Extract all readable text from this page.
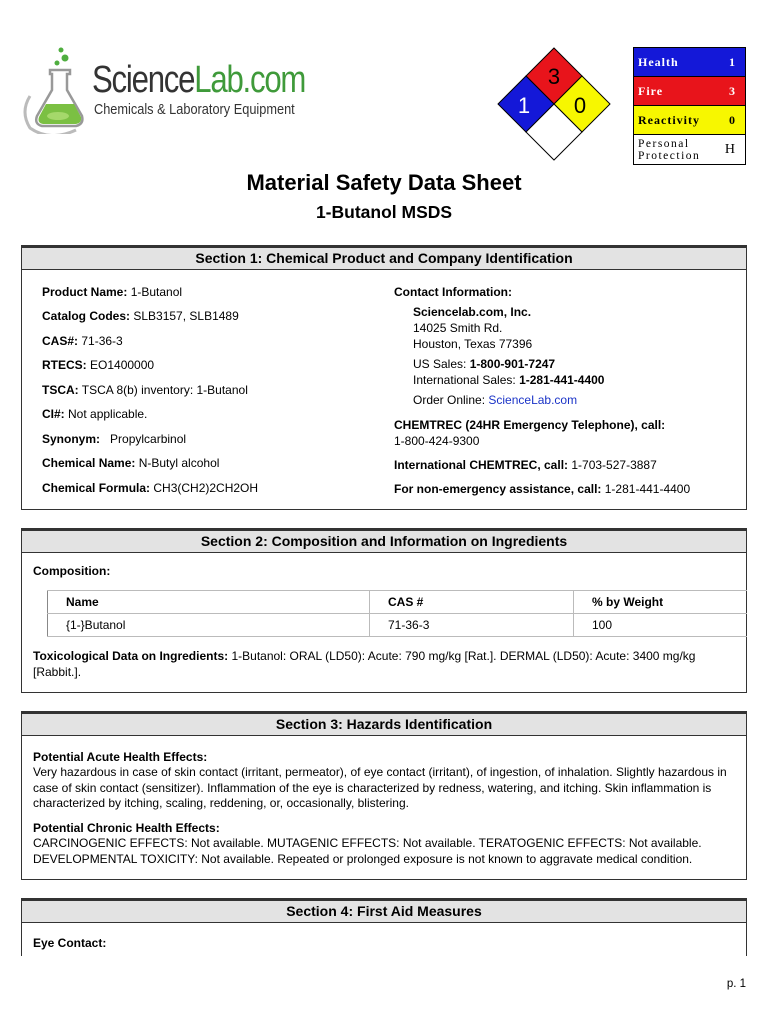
ScienceLab.com
Chemicals & Laboratory Equipment
3
1 0
Health	1
Fire	3
Reactivity 0
Personal
Protection H
Material Safety Data Sheet
1-Butanol MSDS
Section 1: Chemical Product and Company Identification
Product Name: 1-Butanol
Catalog Codes: SLB3157, SLB1489
CAS#: 71-36-3
RTECS: EO1400000
TSCA: TSCA 8(b) inventory: 1-Butanol
CI#: Not applicable.
Synonym:   Propylcarbinol
Chemical Name: N-Butyl alcohol
Chemical Formula: CH3(CH2)2CH2OH
Contact Information:
Sciencelab.com, Inc.
14025 Smith Rd.
Houston, Texas 77396
US Sales: 1-800-901-7247
International Sales: 1-281-441-4400
Order Online: ScienceLab.com
CHEMTREC (24HR Emergency Telephone), call:
1-800-424-9300
International CHEMTREC, call: 1-703-527-3887
For non-emergency assistance, call: 1-281-441-4400
Section 2: Composition and Information on Ingredients
Composition:
Name	CAS #	% by Weight
{1-}Butanol	71-36-3	100
Toxicological Data on Ingredients: 1-Butanol: ORAL (LD50): Acute: 790 mg/kg [Rat.]. DERMAL (LD50): Acute: 3400 mg/kg [Rabbit.].
Section 3: Hazards Identification
Potential Acute Health Effects:
Very hazardous in case of skin contact (irritant, permeator), of eye contact (irritant), of ingestion, of inhalation. Slightly hazardous in case of skin contact (sensitizer). Inflammation of the eye is characterized by redness, watering, and itching. Skin inflammation is characterized by itching, scaling, reddening, or, occasionally, blistering.
Potential Chronic Health Effects:
CARCINOGENIC EFFECTS: Not available. MUTAGENIC EFFECTS: Not available. TERATOGENIC EFFECTS: Not available. DEVELOPMENTAL TOXICITY: Not available. Repeated or prolonged exposure is not known to aggravate medical condition.
Section 4: First Aid Measures
Eye Contact:
p. 1
